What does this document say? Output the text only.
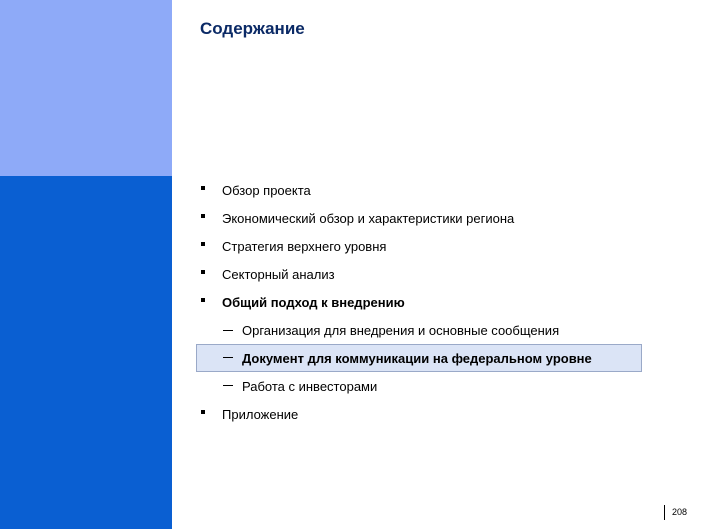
Содержание
Обзор проекта
Экономический обзор и характеристики региона
Стратегия верхнего уровня
Секторный анализ
Общий подход к внедрению
Организация для внедрения и основные сообщения
Документ для коммуникации на федеральном уровне
Работа с инвесторами
Приложение
208
